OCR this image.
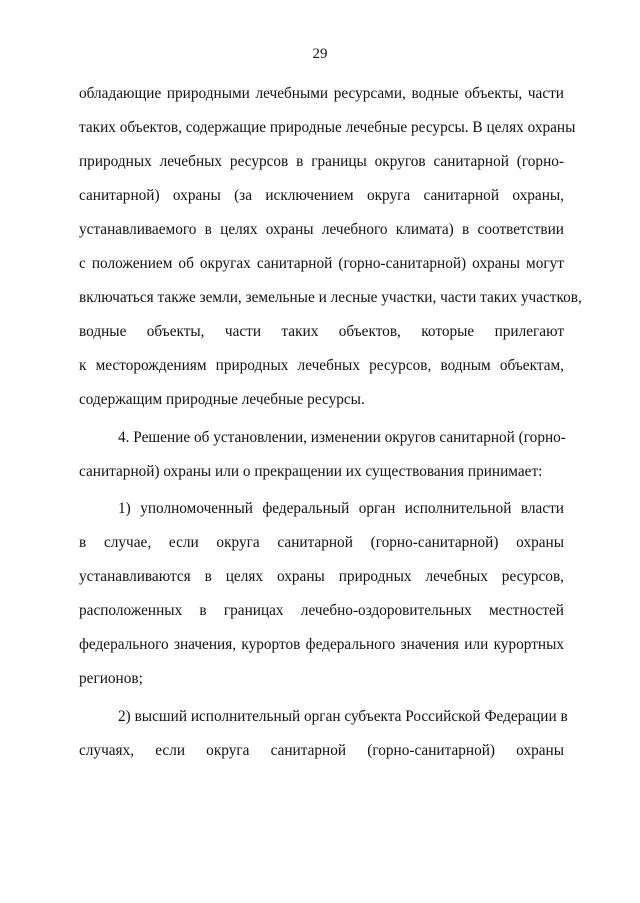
29
обладающие природными лечебными ресурсами, водные объекты, части
таких объектов, содержащие природные лечебные ресурсы. В целях охраны
природных лечебных ресурсов в границы округов санитарной (горно-
санитарной) охраны (за исключением округа санитарной охраны,
устанавливаемого в целях охраны лечебного климата) в соответствии
с положением об округах санитарной (горно-санитарной) охраны могут
включаться также земли, земельные и лесные участки, части таких участков,
водные объекты, части таких объектов, которые прилегают
к месторождениям природных лечебных ресурсов, водным объектам,
содержащим природные лечебные ресурсы.
4. Решение об установлении, изменении округов санитарной (горно-
санитарной) охраны или о прекращении их существования принимает:
1) уполномоченный федеральный орган исполнительной власти
в случае, если округа санитарной (горно-санитарной) охраны
устанавливаются в целях охраны природных лечебных ресурсов,
расположенных в границах лечебно-оздоровительных местностей
федерального значения, курортов федерального значения или курортных
регионов;
2) высший исполнительный орган субъекта Российской Федерации в
случаях, если округа санитарной (горно-санитарной) охраны
